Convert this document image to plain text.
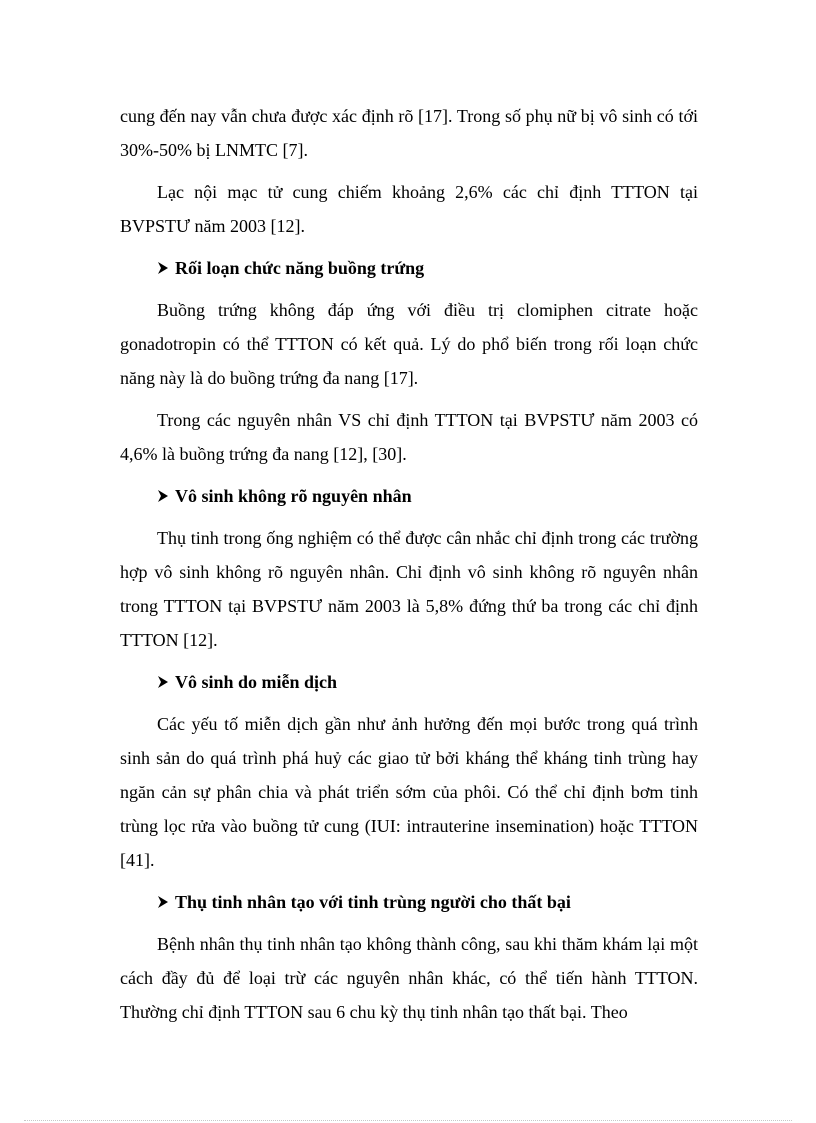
cung đến nay vẫn chưa được xác định rõ [17]. Trong số phụ nữ bị vô sinh có tới 30%-50% bị LNMTC [7].

Lạc nội mạc tử cung chiếm khoảng 2,6% các chỉ định TTTON tại BVPSTƯ năm 2003 [12].

Rối loạn chức năng buồng trứng

Buồng trứng không đáp ứng với điều trị clomiphen citrate hoặc gonadotropin có thể TTTON có kết quả. Lý do phổ biến trong rối loạn chức năng này là do buồng trứng đa nang [17].

Trong các nguyên nhân VS chỉ định TTTON tại BVPSTƯ năm 2003 có 4,6% là buồng trứng đa nang [12], [30].

Vô sinh không rõ nguyên nhân

Thụ tinh trong ống nghiệm có thể được cân nhắc chỉ định trong các trường hợp vô sinh không rõ nguyên nhân. Chỉ định vô sinh không rõ nguyên nhân trong TTTON tại BVPSTƯ năm 2003 là 5,8% đứng thứ ba trong các chỉ định TTTON [12].

Vô sinh do miễn dịch

Các yếu tố miễn dịch gần như ảnh hưởng đến mọi bước trong quá trình sinh sản do quá trình phá huỷ các giao tử bởi kháng thể kháng tinh trùng hay ngăn cản sự phân chia và phát triển sớm của phôi. Có thể chỉ định bơm tinh trùng lọc rửa vào buồng tử cung (IUI: intrauterine insemination) hoặc TTTON [41].

Thụ tinh nhân tạo với tinh trùng người cho thất bại

Bệnh nhân thụ tinh nhân tạo không thành công, sau khi thăm khám lại một cách đầy đủ để loại trừ các nguyên nhân khác, có thể tiến hành TTTON. Thường chỉ định TTTON sau 6 chu kỳ thụ tinh nhân tạo thất bại. Theo
